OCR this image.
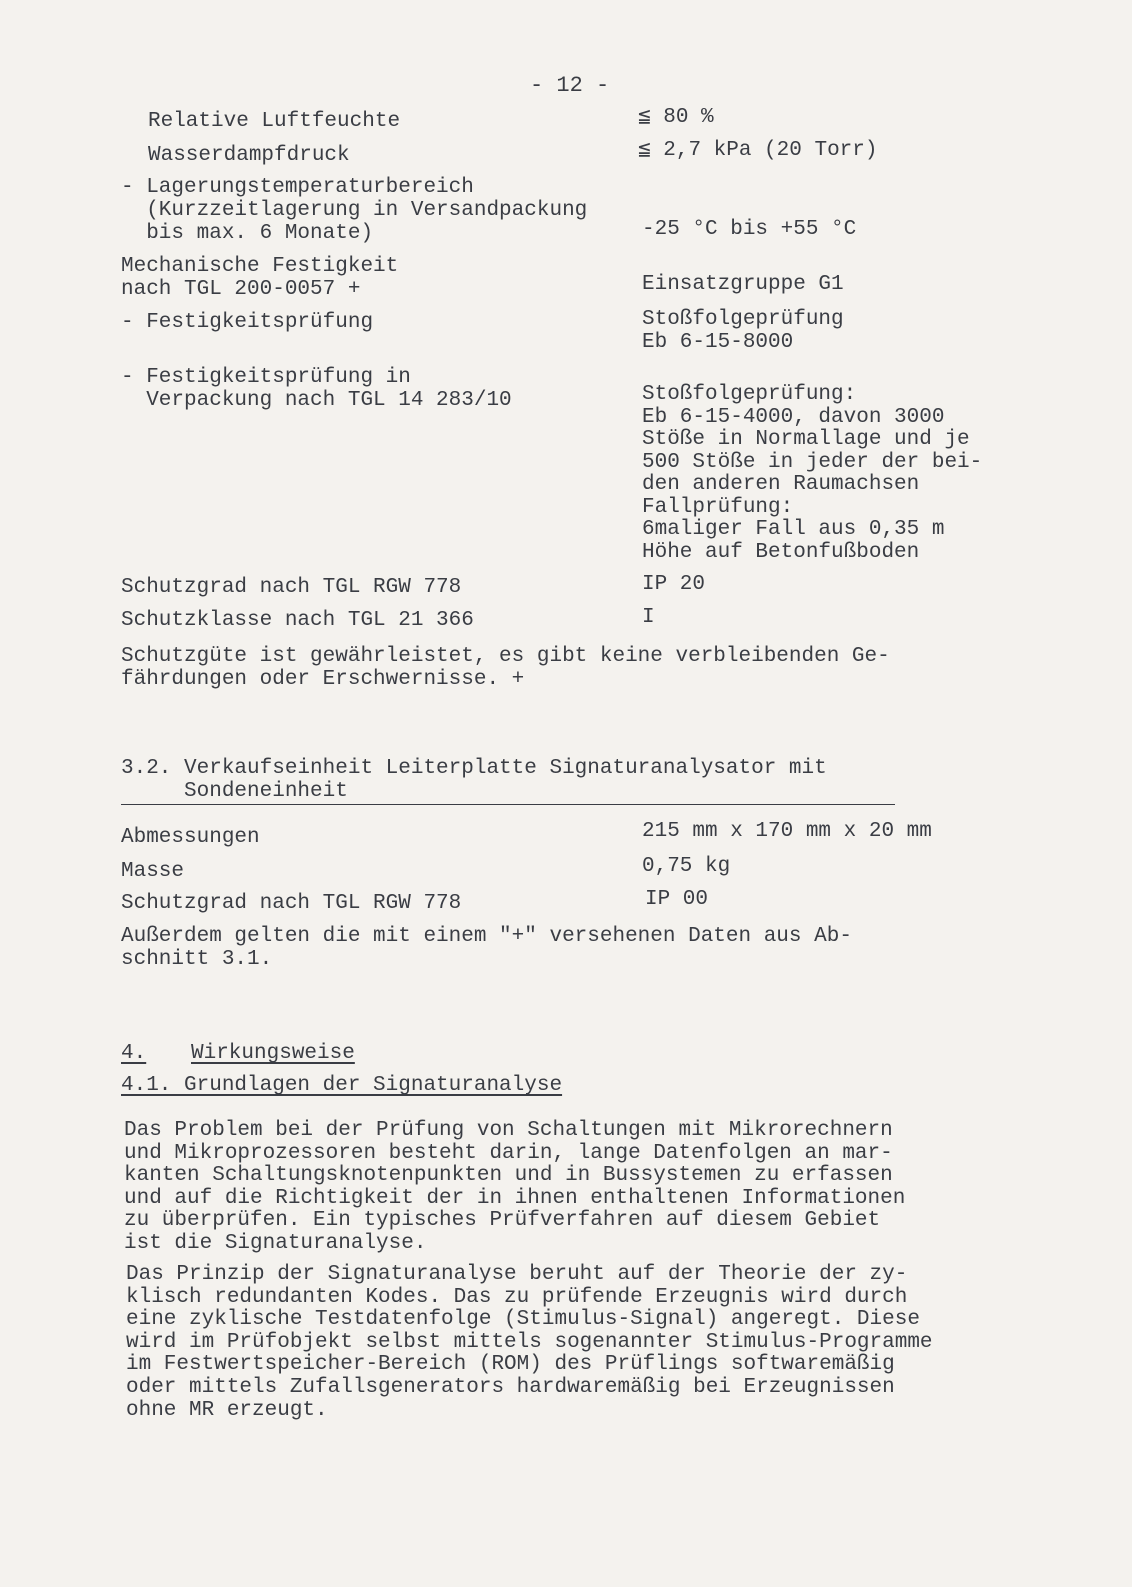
- 12 -
Relative Luftfeuchte	≦ 80 %
Wasserdampfdruck	≦ 2,7 kPa (20 Torr)
- Lagerungstemperaturbereich
(Kurzzeitlagerung in Versandpackung
bis max. 6 Monate)	-25 °C bis +55 °C
Mechanische Festigkeit
nach TGL 200-0057 +	Einsatzgruppe G1
- Festigkeitsprüfung	Stoßfolgeprüfung
Eb 6-15-8000
- Festigkeitsprüfung in
Verpackung nach TGL 14 283/10	Stoßfolgeprüfung:
Eb 6-15-4000, davon 3000
Stöße in Normallage und je
500 Stöße in jeder der bei-
den anderen Raumachsen
Fallprüfung:
6maliger Fall aus 0,35 m
Höhe auf Betonfußboden
Schutzgrad nach TGL RGW 778	IP 20
Schutzklasse nach TGL 21 366	I
Schutzgüte ist gewährleistet, es gibt keine verbleibenden Ge-
fährdungen oder Erschwernisse. +
3.2. Verkaufseinheit Leiterplatte Signaturanalysator mit
Sondeneinheit
Abmessungen	215 mm x 170 mm x 20 mm
Masse	0,75 kg
Schutzgrad nach TGL RGW 778	IP 00
Außerdem gelten die mit einem "+" versehenen Daten aus Ab-
schnitt 3.1.
4. Wirkungsweise
4.1. Grundlagen der Signaturanalyse
Das Problem bei der Prüfung von Schaltungen mit Mikrorechnern
und Mikroprozessoren besteht darin, lange Datenfolgen an mar-
kanten Schaltungsknotenpunkten und in Bussystemen zu erfassen
und auf die Richtigkeit der in ihnen enthaltenen Informationen
zu überprüfen. Ein typisches Prüfverfahren auf diesem Gebiet
ist die Signaturanalyse.
Das Prinzip der Signaturanalyse beruht auf der Theorie der zy-
klisch redundanten Kodes. Das zu prüfende Erzeugnis wird durch
eine zyklische Testdatenfolge (Stimulus-Signal) angeregt. Diese
wird im Prüfobjekt selbst mittels sogenannter Stimulus-Programme
im Festwertspeicher-Bereich (ROM) des Prüflings softwaremäßig
oder mittels Zufallsgenerators hardwaremäßig bei Erzeugnissen
ohne MR erzeugt.
